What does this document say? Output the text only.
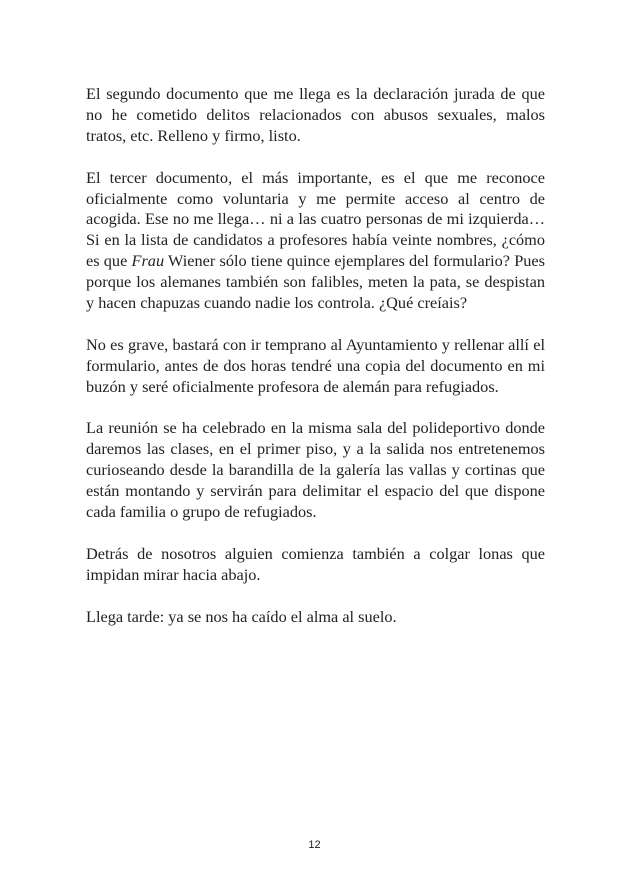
El segundo documento que me llega es la declaración jurada de que no he cometido delitos relacionados con abusos sexuales, malos tratos, etc. Relleno y firmo, listo.

El tercer documento, el más importante, es el que me reconoce oficialmente como voluntaria y me permite acceso al centro de acogida. Ese no me llega… ni a las cuatro personas de mi izquierda… Si en la lista de candidatos a profesores había veinte nombres, ¿cómo es que Frau Wiener sólo tiene quince ejemplares del formulario? Pues porque los alemanes también son falibles, meten la pata, se despistan y hacen chapuzas cuando nadie los controla. ¿Qué creíais?

No es grave, bastará con ir temprano al Ayuntamiento y rellenar allí el formulario, antes de dos horas tendré una copia del documento en mi buzón y seré oficialmente profesora de alemán para refugiados.

La reunión se ha celebrado en la misma sala del polideportivo donde daremos las clases, en el primer piso, y a la salida nos entretenemos curioseando desde la barandilla de la galería las vallas y cortinas que están montando y servirán para delimitar el espacio del que dispone cada familia o grupo de refugiados.

Detrás de nosotros alguien comienza también a colgar lonas que impidan mirar hacia abajo.

Llega tarde: ya se nos ha caído el alma al suelo.

12
